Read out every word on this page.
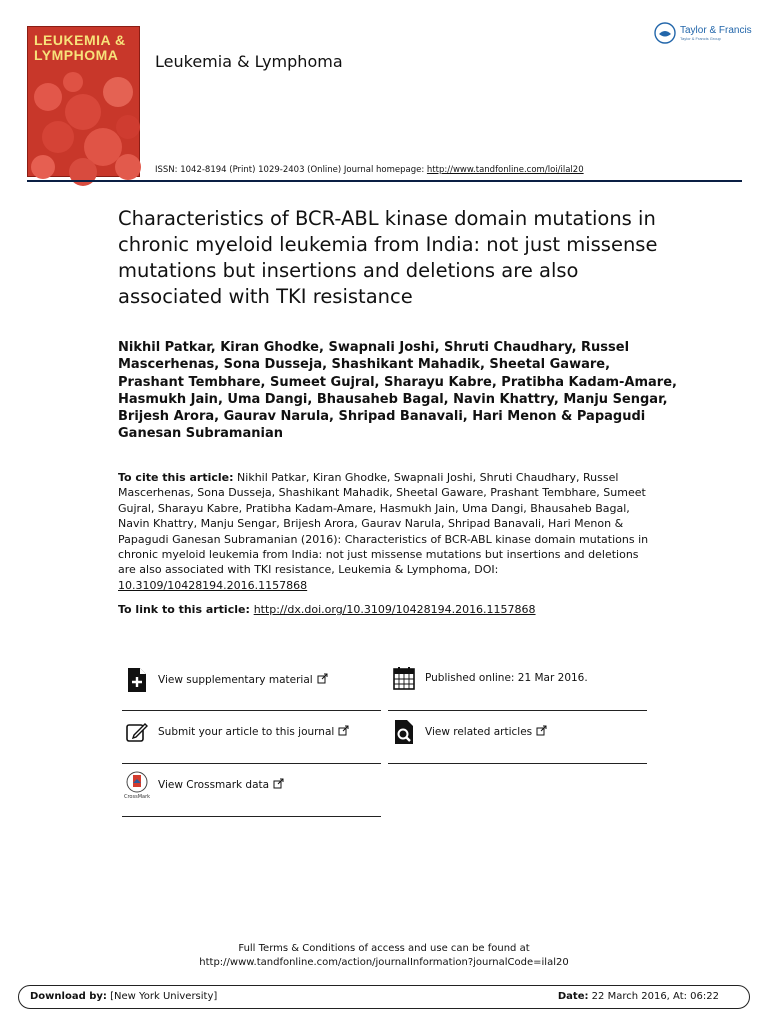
LEUKEMIA & LYMPHOMA	Leukemia & Lymphoma
Taylor & Francis
Taylor & Francis Group
ISSN: 1042-8194 (Print) 1029-2403 (Online) Journal homepage: http://www.tandfonline.com/loi/ilal20
Characteristics of BCR-ABL kinase domain mutations in chronic myeloid leukemia from India: not just missense mutations but insertions and deletions are also associated with TKI resistance

Nikhil Patkar, Kiran Ghodke, Swapnali Joshi, Shruti Chaudhary, Russel Mascerhenas, Sona Dusseja, Shashikant Mahadik, Sheetal Gaware, Prashant Tembhare, Sumeet Gujral, Sharayu Kabre, Pratibha Kadam-Amare, Hasmukh Jain, Uma Dangi, Bhausaheb Bagal, Navin Khattry, Manju Sengar, Brijesh Arora, Gaurav Narula, Shripad Banavali, Hari Menon & Papagudi Ganesan Subramanian

To cite this article: Nikhil Patkar, Kiran Ghodke, Swapnali Joshi, Shruti Chaudhary, Russel Mascerhenas, Sona Dusseja, Shashikant Mahadik, Sheetal Gaware, Prashant Tembhare, Sumeet Gujral, Sharayu Kabre, Pratibha Kadam-Amare, Hasmukh Jain, Uma Dangi, Bhausaheb Bagal, Navin Khattry, Manju Sengar, Brijesh Arora, Gaurav Narula, Shripad Banavali, Hari Menon & Papagudi Ganesan Subramanian (2016): Characteristics of BCR-ABL kinase domain mutations in chronic myeloid leukemia from India: not just missense mutations but insertions and deletions are also associated with TKI resistance, Leukemia & Lymphoma, DOI: 10.3109/10428194.2016.1157868
To link to this article: http://dx.doi.org/10.3109/10428194.2016.1157868
View supplementary material	Published online: 21 Mar 2016.
Submit your article to this journal	View related articles
CrossMark
View Crossmark data
Full Terms & Conditions of access and use can be found at
http://www.tandfonline.com/action/journalInformation?journalCode=ilal20
Download by: [New York University]	Date: 22 March 2016, At: 06:22
